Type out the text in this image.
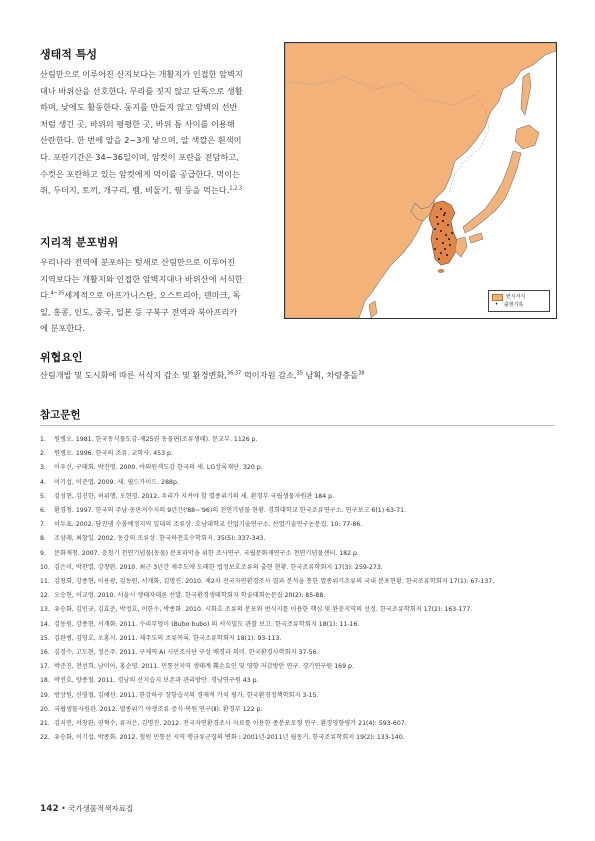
생태적 특성

산림만으로 이루어진 산지보다는 개활지가 인접한 암벽지
대나 바위산을 선호한다. 무리를 짓지 않고 단독으로 생활
하며, 낮에도 활동한다. 둥지를 만들지 않고 암벽의 선반
처럼 생긴 곳, 바위의 평평한 곳, 바위 틈 사이를 이용해
산란한다. 한 번에 알을 2~3개 낳으며, 알 색깔은 흰색이
다. 포란기간은 34~36일이며, 암컷이 포란을 전담하고,
수컷은 포란하고 있는 암컷에게 먹이를 공급한다. 먹이는
쥐, 두더지, 토끼, 개구리, 뱀, 비둘기, 꿩 등을 먹는다.$^{1,2,3}$

지리적 분포범위

우리나라 전역에 분포하는 텃새로 산림만으로 이루어진
지역보다는 개활지와 인접한 암벽지대나 바위산에 서식한
다.$^{4\sim 35}$세계적으로 아프가니스탄, 오스트리아, 덴마크, 독
일, 홍콩, 인도, 중국, 일본 등 구북구 전역과 북아프리카
에 분포한다.

위협요인

산림개발 및 도시화에 따른 서식지 감소 및 환경변화,$^{36,37}$ 먹이자원 감소,$^{35}$ 남획, 차량충돌$^{38}$

번식서식
•	출현기록
참고문헌
1. 원병오. 1981. 한국동식물도감-제25권 동물편(조류생태). 문교부. 1126 p.
2. 원병오. 1996. 한국의 조류. 교학사. 453 p.
3. 이우신, 구태회, 박진영. 2000. 야외원색도감 한국의 새. LG상록재단. 320 p.
4. 이기섭, 이준엽. 2009. 새. 필드가이드. 288p.
5. 김성현, 김진한, 허위행, 오현경. 2012. 우리가 지켜야 할 멸종위기의 새. 환경부 국립생물자원관 184 p.
6. 환경청. 1997. 한국의 주남·동판저수지의 9년간('88~'96)의 천연기념물 현황. 경희대학교 한국조류연구소. 연구보고 6(1) 63-71.
7. 이두표. 2002. 담진댐 수몰예정지역 일대의 조류상. 호남대학교 산업기술연구소. 산업기술연구논문집. 10: 77-86.
8. 조삼래, 최창일. 2002. 동강의 조류상. 한국하천호수학회지. 35(5): 337-343.
9. 문화재청. 2007. 충청기 천연기념물(동물) 분포파악을 위한 조사연구. 국립문화재연구소 천연기념물센터. 182 p.
10. 김은미, 박찬열, 강창완. 2010. 최근 3년간 제주도에 도래한 법정보호조류의 출현 현황. 한국조류학회지 17(3): 259-273.
11. 김창회, 강종현, 이용광, 김동원, 서재화, 김명진. 2010. 제2차 전국자연환경조사 결과 분석을 통한 멸종위기조류의 국내 분포현황. 한국조류학회지 17(1): 67-137.
12. 오승현, 이교영. 2010. 서울시 생태자대론 선발. 한국환경생태학회지 학술대회논문집 20(2): 85-88.
13. 유승화, 김인규, 김효준, 박정호, 이한수, 박종화. 2010. 시화호 조류의 분포와 번식지를 이용한 핵심 및 완충지역의 선정. 한국조류학회지 17(2): 163-177.
14. 김동원, 강종현, 서재화. 2011. 수리부엉이 (Bubo bubo) 의 서식밀도 관찰 보고. 한국조류학회지 18(1): 11-16.
15. 김완병, 김영호, 오홍식. 2011. 제주도의 조류목록. 한국조류학회지 18(1): 93-113.
16. 김정수, 고도현, 정은주. 2011. 구제역·AI 시민조사단 구성 배경과 의미. 한국환경사학회지 37-56.
17. 박준진, 전선희, 남미아, 홍순영. 2011. 민통선지역 생태계 훼손요인 및 영향 저감방안 연구. 경기연구원 169 p.
18. 박진호, 양종철. 2011. 경남의 산지습지 보존과 관리방안. 경남연구원 43 p.
19. 방상원, 신영철, 김애선. 2011. 한강하구 장항습지의 경제적 가치 평가. 한국환경정책학회지 3-15.
20. 국립생물자원관. 2012. 멸종위기 야생조류 증식·복원 연구(Ⅱ). 환경부 122 p.
21. 김지연, 서창완, 권혁수, 류지은, 김명진. 2012. 전국자연환경조사 자료를 이용한 종분포모형 연구. 환경영향평가 21(4): 593-607.
22. 유승화, 이기섭, 박종화. 2012. 철원 민통선 지역 맹금류군집의 변화 : 2001년-2011년 월동기. 한국조류학회지 19(2): 133-140.
142 • 국가생물적색자료집
